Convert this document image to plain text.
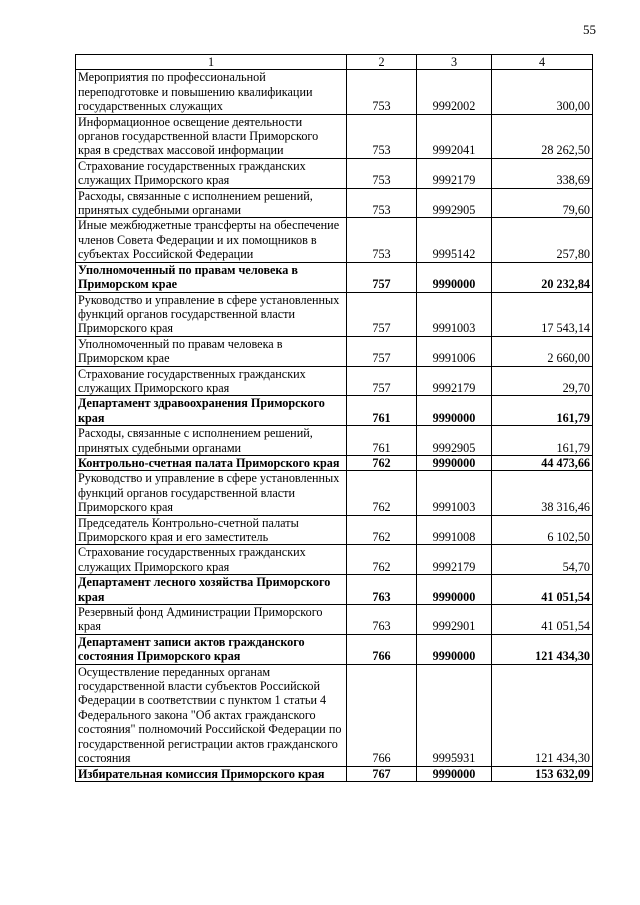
55
1	2	3	4
Мероприятия по профессиональной переподготовке и повышению квалификации государственных служащих	753	9992002	300,00
Информационное освещение деятельности органов государственной власти Приморского края в средствах массовой информации	753	9992041	28 262,50
Страхование государственных гражданских служащих Приморского края	753	9992179	338,69
Расходы, связанные с исполнением решений, принятых судебными органами	753	9992905	79,60
Иные межбюджетные трансферты на обеспечение членов Совета Федерации и их помощников в субъектах Российской Федерации	753	9995142	257,80
Уполномоченный по правам человека в Приморском крае	757	9990000	20 232,84
Руководство и управление в сфере установленных функций органов государственной власти Приморского края	757	9991003	17 543,14
Уполномоченный по правам человека в Приморском крае	757	9991006	2 660,00
Страхование государственных гражданских служащих Приморского края	757	9992179	29,70
Департамент здравоохранения Приморского края	761	9990000	161,79
Расходы, связанные с исполнением решений, принятых судебными органами	761	9992905	161,79
Контрольно-счетная палата Приморского края	762	9990000	44 473,66
Руководство и управление в сфере установленных функций органов государственной власти Приморского края	762	9991003	38 316,46
Председатель Контрольно-счетной палаты Приморского края и его заместитель	762	9991008	6 102,50
Страхование государственных гражданских служащих Приморского края	762	9992179	54,70
Департамент лесного хозяйства Приморского края	763	9990000	41 051,54
Резервный фонд Администрации Приморского края	763	9992901	41 051,54
Департамент записи актов гражданского состояния Приморского края	766	9990000	121 434,30
Осуществление переданных органам государственной власти субъектов Российской Федерации в соответствии с пунктом 1 статьи 4 Федерального закона "Об актах гражданского состояния" полномочий Российской Федерации по государственной регистрации актов гражданского состояния	766	9995931	121 434,30
Избирательная комиссия Приморского края	767	9990000	153 632,09
